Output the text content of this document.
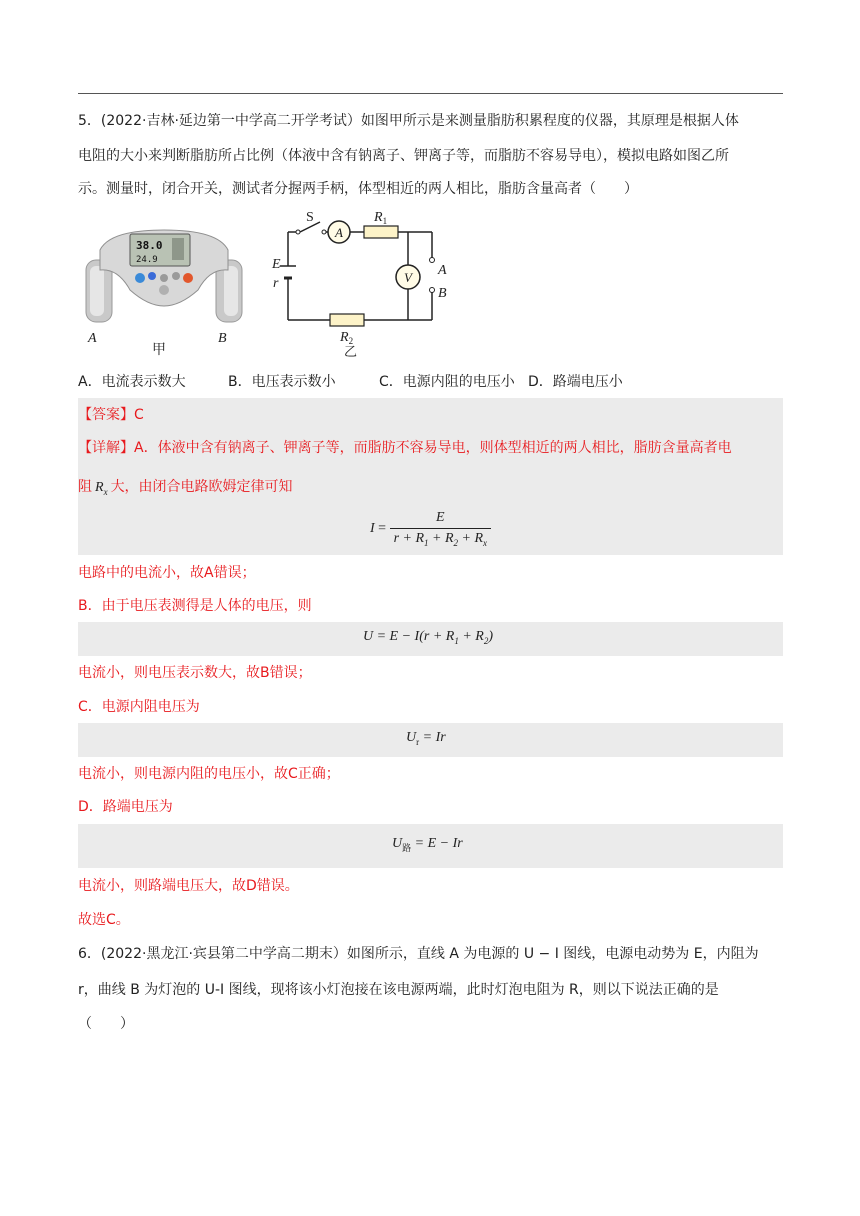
5．(2022·吉林·延边第一中学高二开学考试）如图甲所示是来测量脂肪积累程度的仪器，其原理是根据人体
电阻的大小来判断脂肪所占比例（体液中含有钠离子、钾离子等，而脂肪不容易导电），模拟电路如图乙所
示。测量时，闭合开关，测试者分握两手柄，体型相近的两人相比，脂肪含量高者（　　）
38.0
24.9
A	B
甲
A
V
S	$R_1$
E
r
A
B
$R_2$
乙
A．电流表示数大	B．电压表示数小	C．电源内阻的电压小 D．路端电压小
【答案】C
【详解】A．体液中含有钠离子、钾离子等，而脂肪不容易导电，则体型相近的两人相比，脂肪含量高者电
阻 $R_x$ 大，由闭合电路欧姆定律可知
$I = \frac{E}{r + R_1 + R_2 + R_x}$
电路中的电流小，故A错误；
B．由于电压表测得是人体的电压，则
$U = E - I(r + R_1 + R_2)$
电流小，则电压表示数大，故B错误；
C．电源内阻电压为
$U_r = Ir$
电流小，则电源内阻的电压小，故C正确；
D．路端电压为
$U_路 = E - Ir$
电流小，则路端电压大，故D错误。
故选C。
6．(2022·黑龙江·宾县第二中学高二期末）如图所示，直线 A 为电源的 U − I 图线，电源电动势为 E，内阻为
r，曲线 B 为灯泡的 U-I 图线，现将该小灯泡接在该电源两端，此时灯泡电阻为 R，则以下说法正确的是
（　　）
